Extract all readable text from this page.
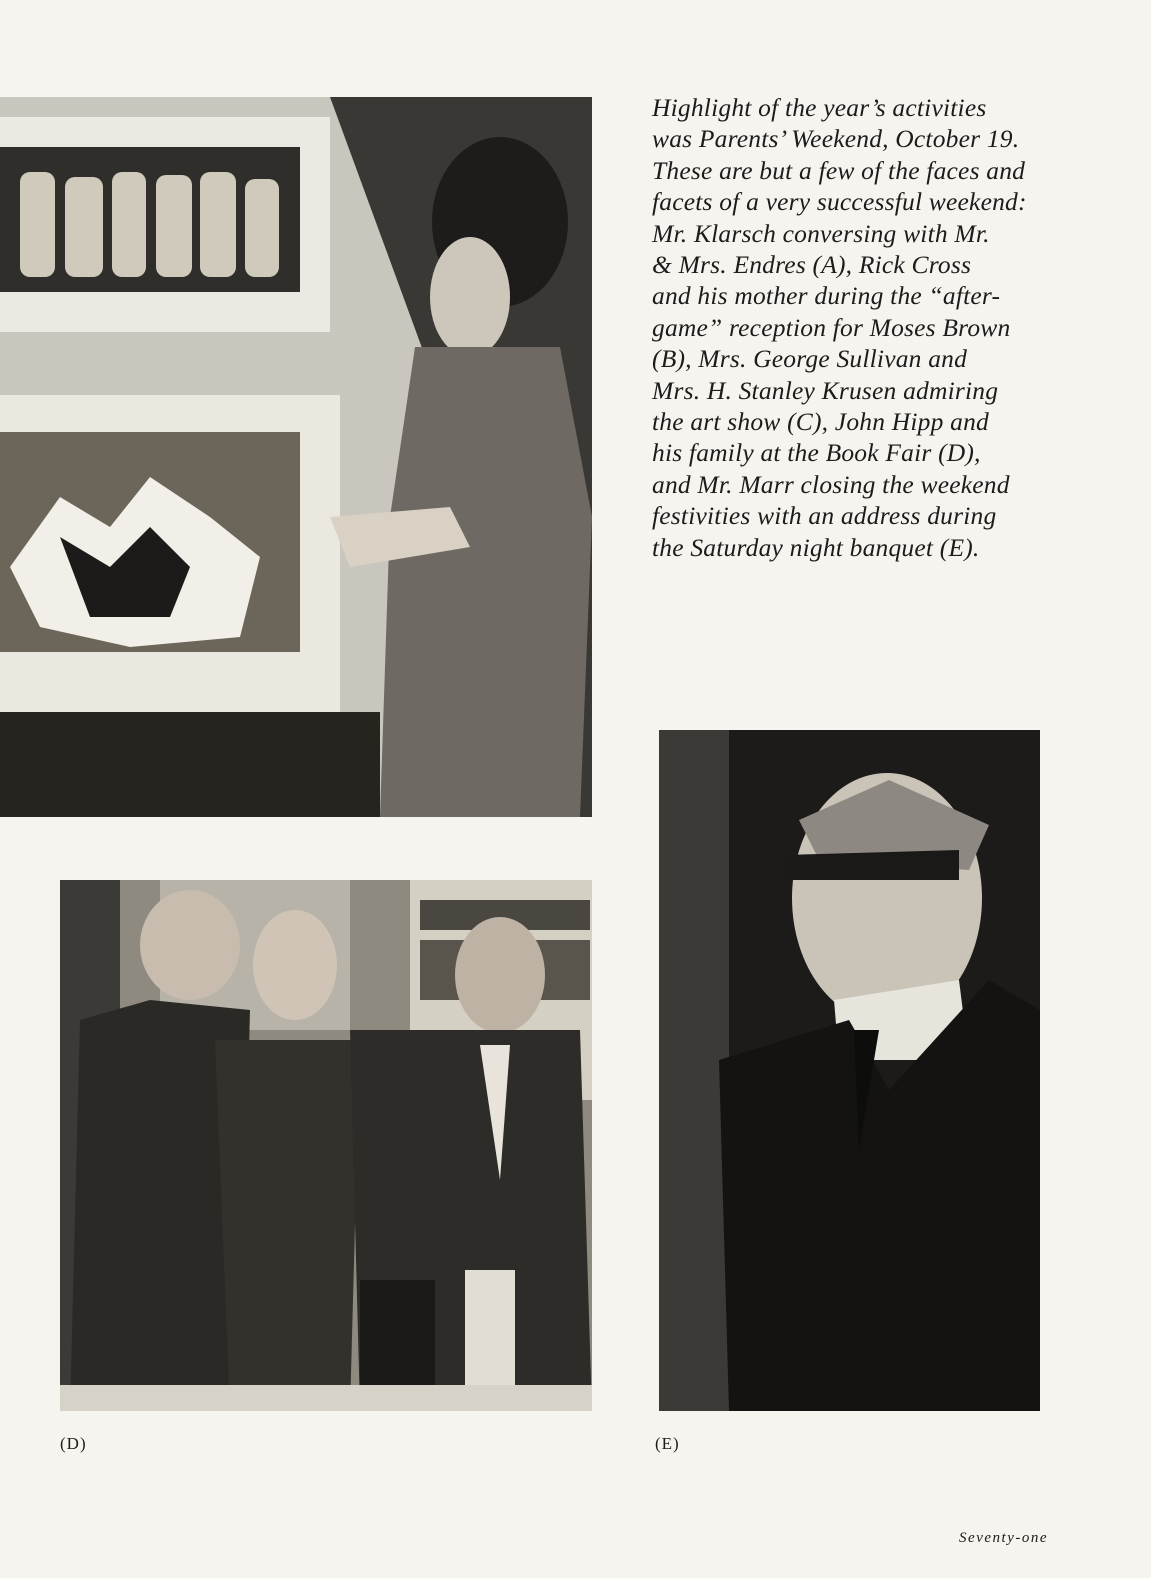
Highlight of the year’s activities
was Parents’ Weekend, October 19.
These are but a few of the faces and
facets of a very successful weekend:
Mr. Klarsch conversing with Mr.
& Mrs. Endres (A), Rick Cross
and his mother during the “after-
game” reception for Moses Brown
(B), Mrs. George Sullivan and
Mrs. H. Stanley Krusen admiring
the art show (C), John Hipp and
his family at the Book Fair (D),
and Mr. Marr closing the weekend
festivities with an address during
the Saturday night banquet (E).
(D)	(E)
Seventy-one
